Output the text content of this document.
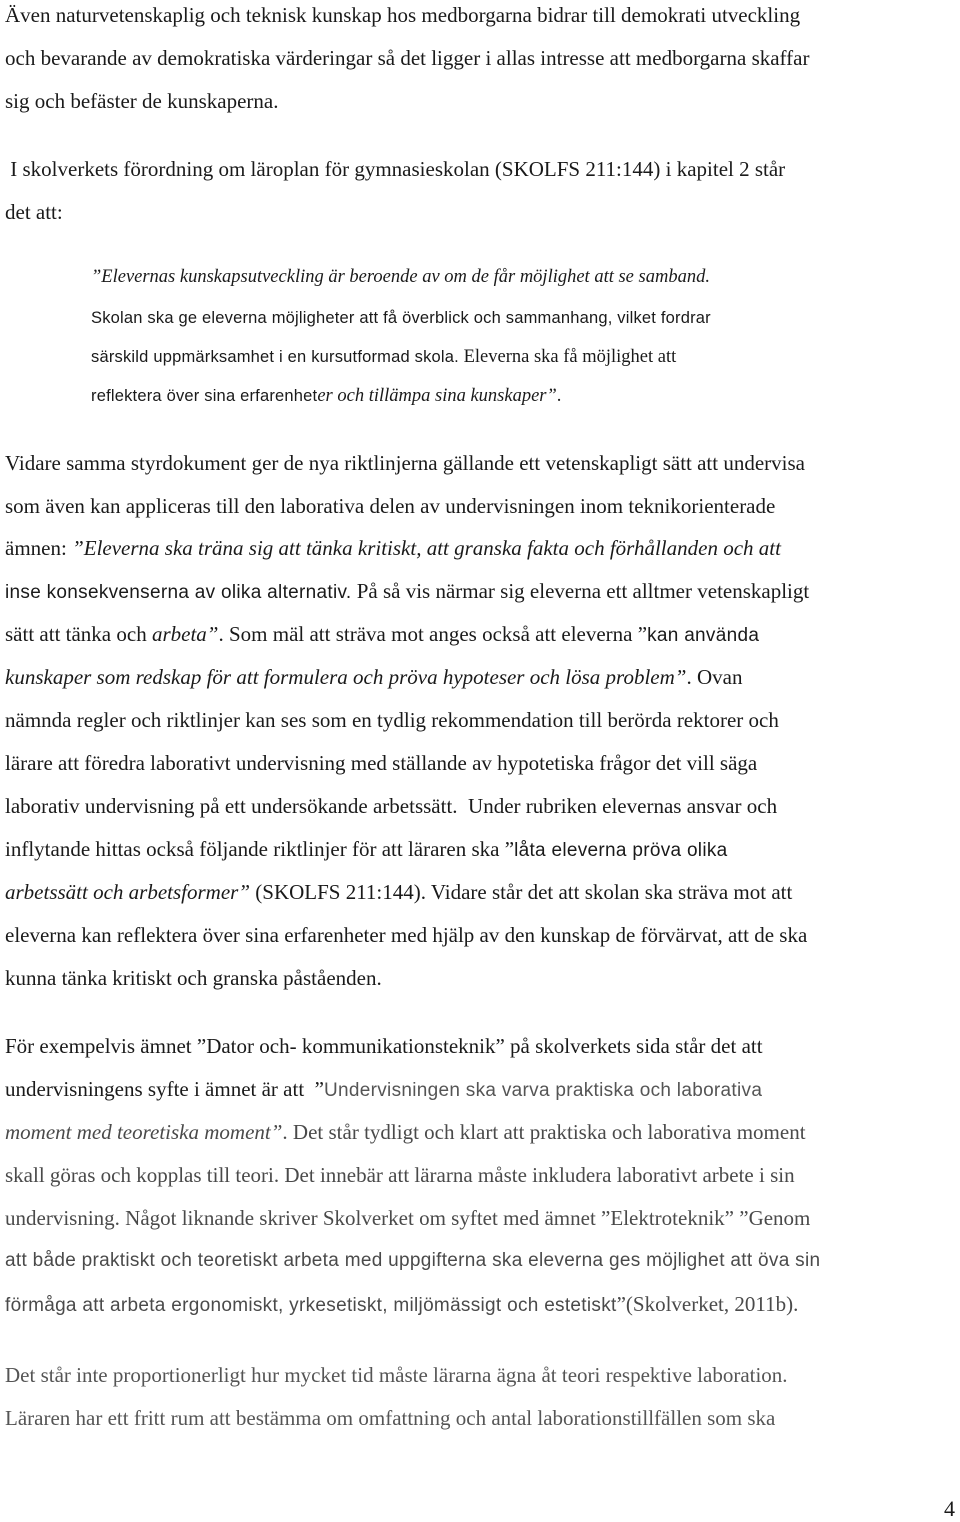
Även naturvetenskaplig och teknisk kunskap hos medborgarna bidrar till demokrati utveckling
och bevarande av demokratiska värderingar så det ligger i allas intresse att medborgarna skaffar
sig och befäster de kunskaperna.
I skolverkets förordning om läroplan för gymnasieskolan (SKOLFS 211:144) i kapitel 2 står
det att:
”Elevernas kunskapsutveckling är beroende av om de får möjlighet att se samband.
Skolan ska ge eleverna möjligheter att få överblick och sammanhang, vilket fordrar
särskild uppmärksamhet i en kursutformad skola. Eleverna ska få möjlighet att
reflektera över sina erfarenheter och tillämpa sina kunskaper”.
Vidare samma styrdokument ger de nya riktlinjerna gällande ett vetenskapligt sätt att undervisa
som även kan appliceras till den laborativa delen av undervisningen inom teknikorienterade
ämnen: ”Eleverna ska träna sig att tänka kritiskt, att granska fakta och förhållanden och att
inse konsekvenserna av olika alternativ. På så vis närmar sig eleverna ett alltmer vetenskapligt
sätt att tänka och arbeta”. Som mäl att sträva mot anges också att eleverna ”kan använda
kunskaper som redskap för att formulera och pröva hypoteser och lösa problem”. Ovan
nämnda regler och riktlinjer kan ses som en tydlig rekommendation till berörda rektorer och
lärare att föredra laborativt undervisning med ställande av hypotetiska frågor det vill säga
laborativ undervisning på ett undersökande arbetssätt.  Under rubriken elevernas ansvar och
inflytande hittas också följande riktlinjer för att läraren ska ”låta eleverna pröva olika
arbetssätt och arbetsformer” (SKOLFS 211:144). Vidare står det att skolan ska sträva mot att
eleverna kan reflektera över sina erfarenheter med hjälp av den kunskap de förvärvat, att de ska
kunna tänka kritiskt och granska påståenden.
För exempelvis ämnet ”Dator och- kommunikationsteknik” på skolverkets sida står det att
undervisningens syfte i ämnet är att  ”Undervisningen ska varva praktiska och laborativa
moment med teoretiska moment”. Det står tydligt och klart att praktiska och laborativa moment
skall göras och kopplas till teori. Det innebär att lärarna måste inkludera laborativt arbete i sin
undervisning. Något liknande skriver Skolverket om syftet med ämnet ”Elektroteknik” ”Genom
att både praktiskt och teoretiskt arbeta med uppgifterna ska eleverna ges möjlighet att öva sin
förmåga att arbeta ergonomiskt, yrkesetiskt, miljömässigt och estetiskt”(Skolverket, 2011b).
Det står inte proportionerligt hur mycket tid måste lärarna ägna åt teori respektive laboration.
Läraren har ett fritt rum att bestämma om omfattning och antal laborationstillfällen som ska
4
